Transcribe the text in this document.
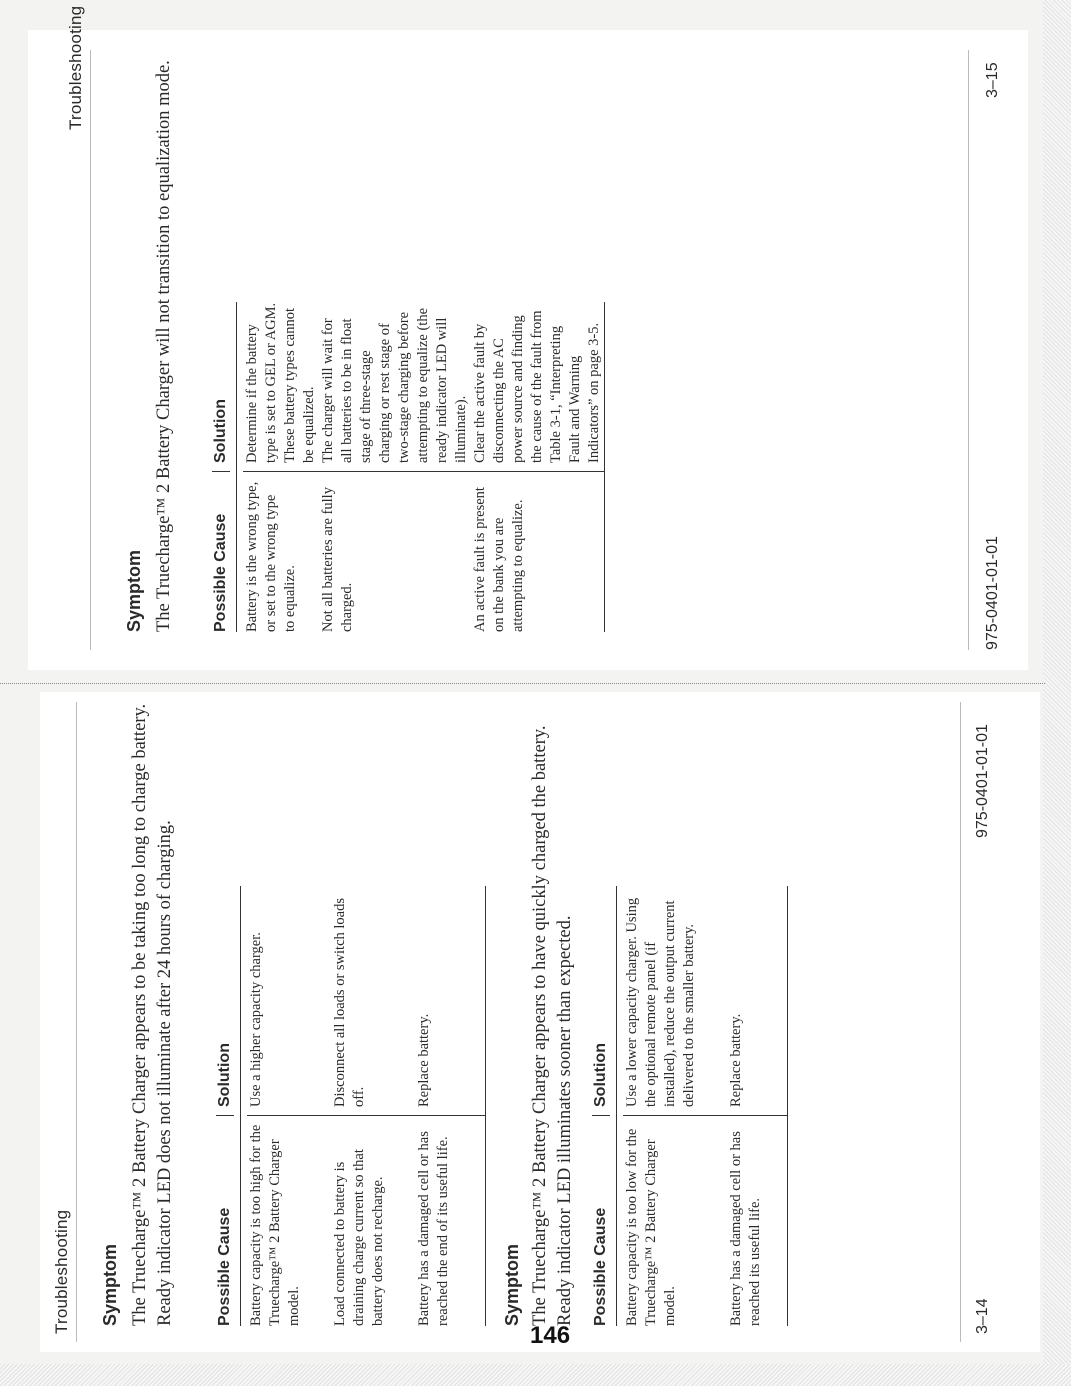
Troubleshooting
Symptom The Truecharge™ 2 Battery Charger will not transition to equalization mode. Possible Cause
Solution
Battery is the wrong type, or set to the wrong type to equalize.
Determine if the battery type is set to GEL or AGM. These battery types cannot be equalized.
Not all batteries are fully charged.
The charger will wait for all batteries to be in float stage of three-stage charging or rest stage of two-stage charging before attempting to equalize (the ready indicator LED will illuminate).
An active fault is present on the bank you are attempting to equalize.
Clear the active fault by disconnecting the AC power source and finding the cause of the fault from Table 3-1, “Interpreting Fault and Warning Indicators” on page 3-5.
975-0401-01-01
3–15
Troubleshooting Symptom The Truecharge™ 2 Battery Charger appears to be taking too long to charge battery. Ready indicator LED does not illuminate after 24 hours of charging.	Possible Cause
Solution
Battery capacity is too high for the Truecharge™ 2 Battery Charger model.
Use a higher capacity charger.
Load connected to battery is draining charge current so that battery does not recharge.
Disconnect all loads or switch loads off.
Battery has a damaged cell or has reached the end of its useful life.
Replace battery.
Symptom The Truecharge™ 2 Battery Charger appears to have quickly charged the battery. Ready indicator LED illuminates sooner than expected. Possible Cause
Solution
Battery capacity is too low for the Truecharge™ 2 Battery Charger model.
Use a lower capacity charger. Using the optional remote panel (if installed), reduce the output current delivered to the smaller battery.
Battery has a damaged cell or has reached its useful life.
Replace battery.
3–14
975-0401-01-01
146
